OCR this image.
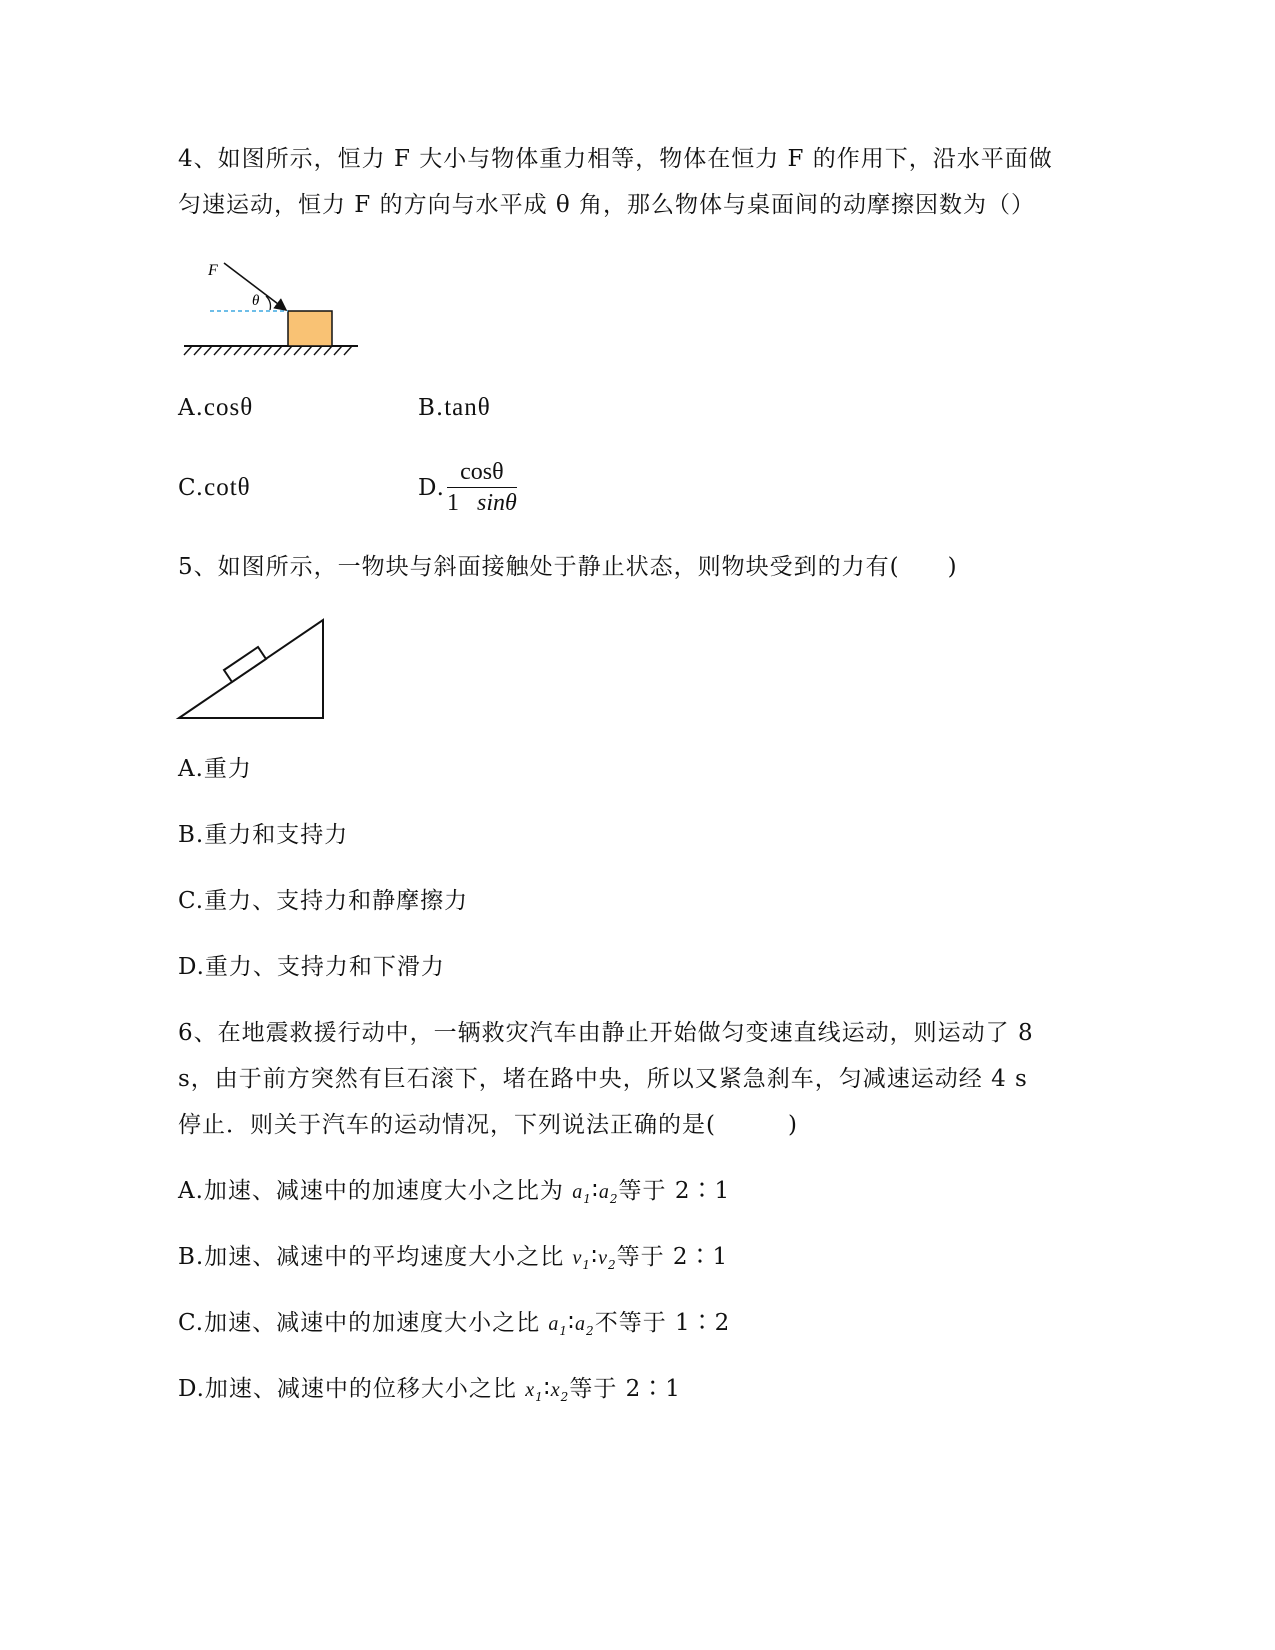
4、如图所示，恒力 F 大小与物体重力相等，物体在恒力 F 的作用下，沿水平面做
匀速运动，恒力 F 的方向与水平成 θ 角，那么物体与桌面间的动摩擦因数为（）
F
θ
A.cosθ	B.tanθ
C.cotθ	D. $\frac{\cos\theta}{1 \sin\theta}$
5、如图所示，一物块与斜面接触处于静止状态，则物块受到的力有(　　)
A.重力
B.重力和支持力
C.重力、支持力和静摩擦力
D.重力、支持力和下滑力
6、在地震救援行动中，一辆救灾汽车由静止开始做匀变速直线运动，则运动了 8
s，由于前方突然有巨石滚下，堵在路中央，所以又紧急刹车，匀减速运动经 4 s
停止．则关于汽车的运动情况，下列说法正确的是(　　　)
A.加速、减速中的加速度大小之比为 $a_1∶a_2$等于 2∶1
B.加速、减速中的平均速度大小之比 $v_1∶v_2$等于 2∶1
C.加速、减速中的加速度大小之比 $a_1∶a_2$不等于 1∶2
D.加速、减速中的位移大小之比 $x_1∶x_2$等于 2∶1
